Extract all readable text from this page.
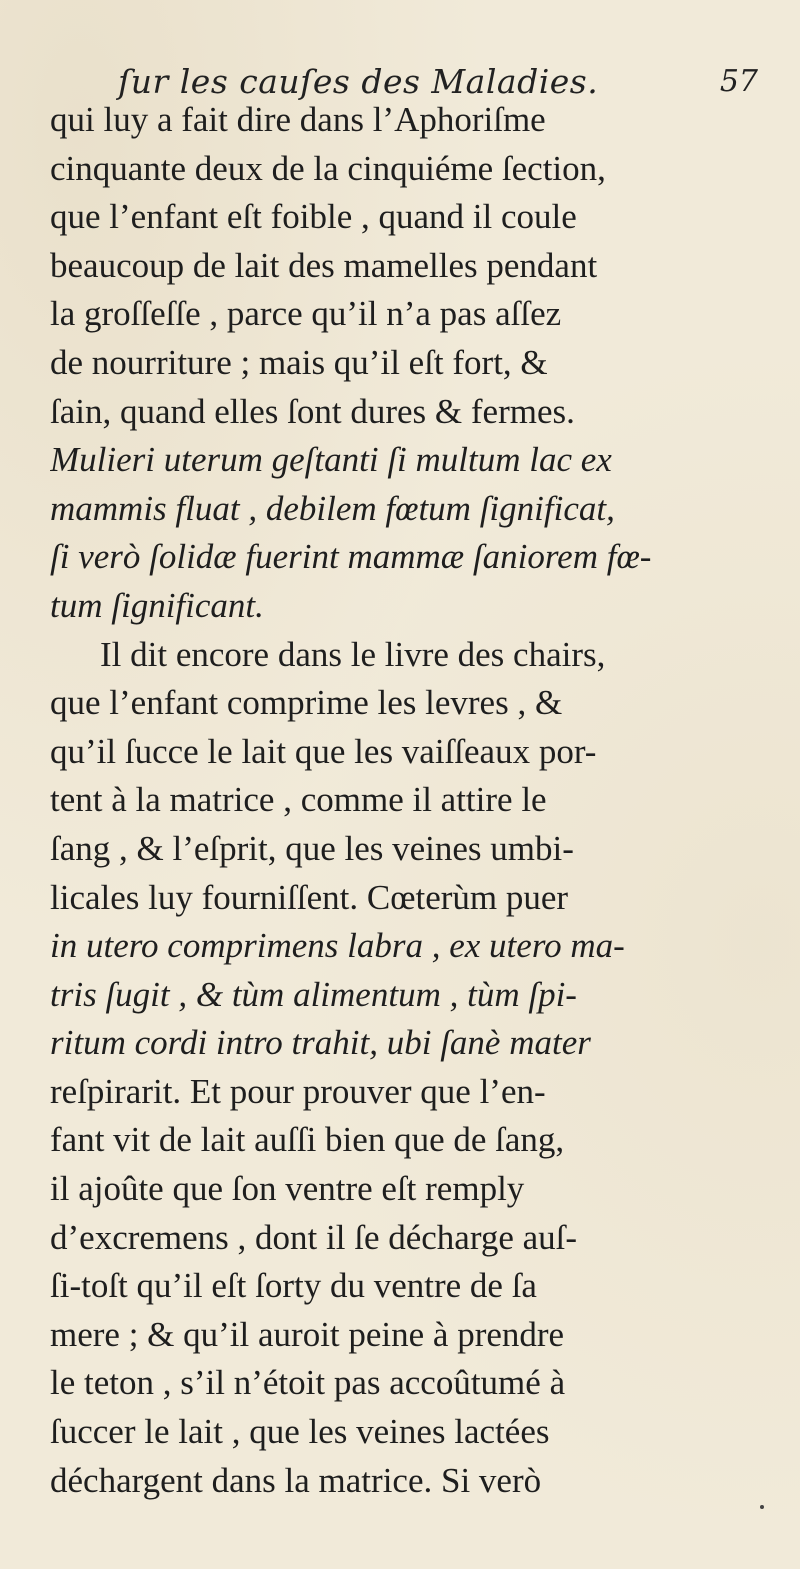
ſur les cauſes des Maladies.	57
qui luy a fait dire dans l’Aphoriſme
cinquante deux de la cinquiéme ſection,
que l’enfant eſt foible , quand il coule
beaucoup de lait des mamelles pendant
la groſſeſſe , parce qu’il n’a pas aſſez
de nourriture ; mais qu’il eſt fort, &
ſain, quand elles ſont dures & fermes.
Mulieri uterum geſtanti ſi multum lac ex
mammis fluat , debilem fœtum ſignificat,
ſi verò ſolidæ fuerint mammæ ſaniorem fœ-
tum ſignificant.
Il dit encore dans le livre des chairs,
que l’enfant comprime les levres , &
qu’il ſucce le lait que les vaiſſeaux por-
tent à la matrice , comme il attire le
ſang , & l’eſprit, que les veines umbi-
licales luy fourniſſent. Cœterùm puer
in utero comprimens labra , ex utero ma-
tris ſugit , & tùm alimentum , tùm ſpi-
ritum cordi intro trahit, ubi ſanè mater
reſpirarit. Et pour prouver que l’en-
fant vit de lait auſſi bien que de ſang,
il ajoûte que ſon ventre eſt remply
d’excremens , dont il ſe décharge auſ-
ſi-toſt qu’il eſt ſorty du ventre de ſa
mere ; & qu’il auroit peine à prendre
le teton , s’il n’étoit pas accoûtumé à
ſuccer le lait , que les veines lactées
déchargent dans la matrice. Si verò
